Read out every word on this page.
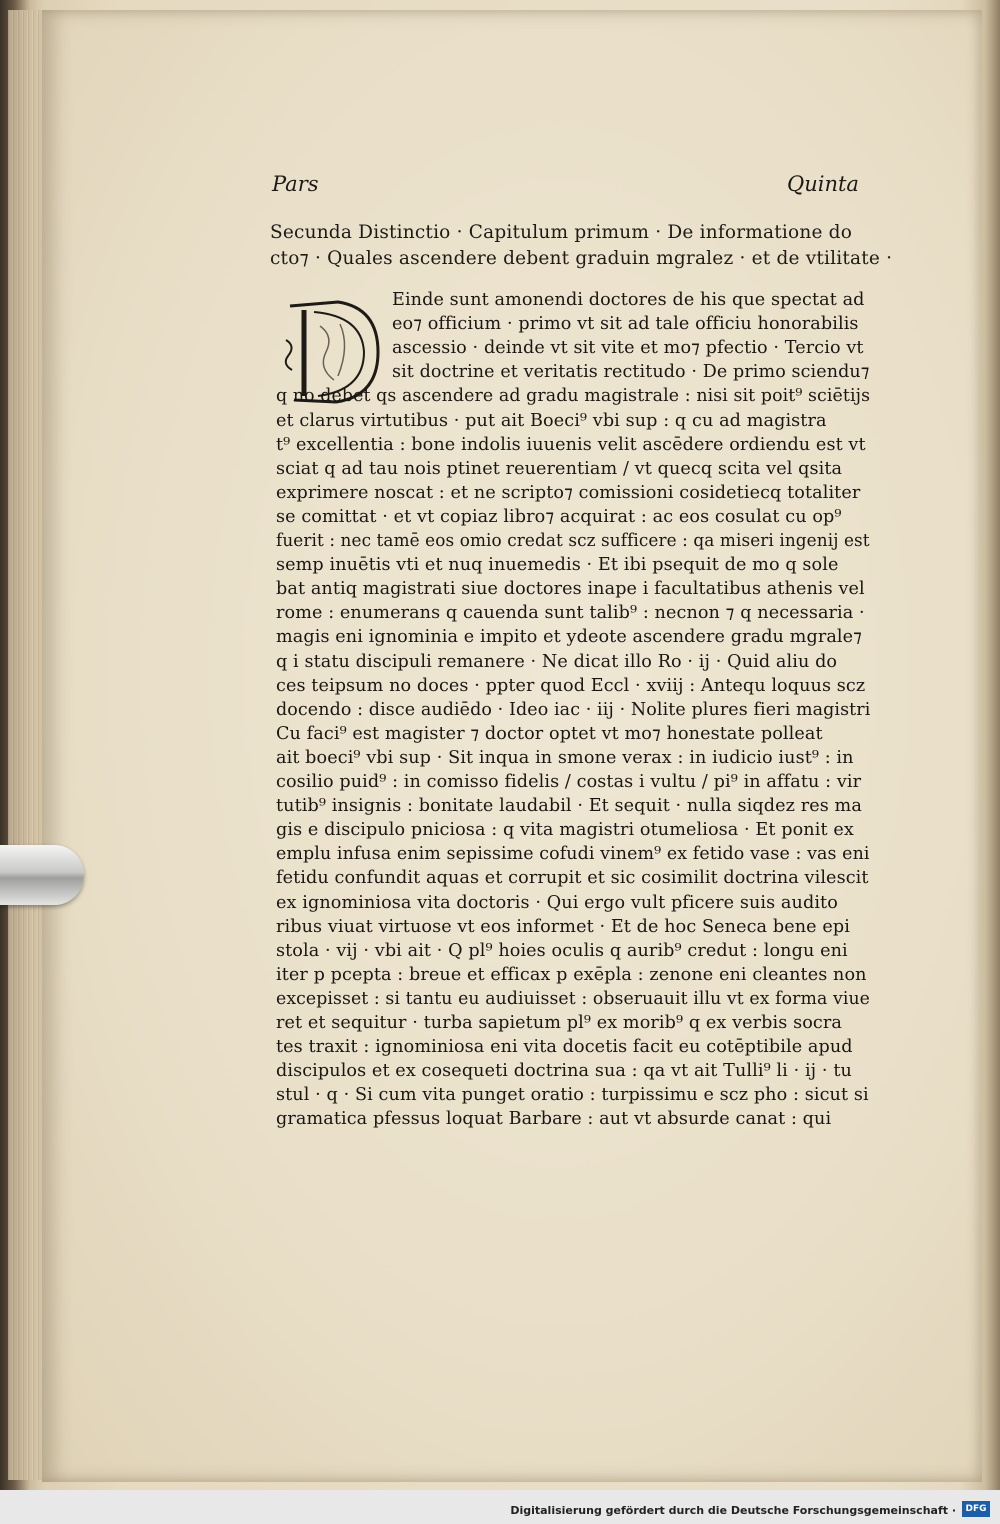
Pars	Quinta
Secunda Distinctio · Capitulum primum · De informatione do
cto⁊ · Quales ascendere debent graduin mgralez · et de vtilitate ·
Einde sunt amonendi doctores de his que spectat ad
eo⁊ officium · primo vt sit ad tale officiu honorabilis
ascessio · deinde vt sit vite et mo⁊ pfectio · Tercio vt
sit doctrine et veritatis rectitudo · De primo sciendu⁊
q no debet qs ascendere ad gradu magistrale : nisi sit poit⁹ sciētijs
et clarus virtutibus · put ait Boeci⁹ vbi sup : q cu ad magistra
t⁹ excellentia : bone indolis iuuenis velit ascēdere ordiendu est vt
sciat q ad tau nois ptinet reuerentiam / vt quecq scita vel qsita
exprimere noscat : et ne scripto⁊ comissioni cosidetiecq totaliter
se comittat · et vt copiaz libro⁊ acquirat : ac eos cosulat cu op⁹
fuerit : nec tamē eos omio credat scz sufficere : qa miseri ingenij est
semp inuētis vti et nuq inuemedis · Et ibi psequit de mo q sole
bat antiq magistrati siue doctores inape i facultatibus athenis vel
rome : enumerans q cauenda sunt talib⁹ : necnon ⁊ q necessaria ·
magis eni ignominia e impito et ydeote ascendere gradu mgrale⁊
q i statu discipuli remanere · Ne dicat illo Ro · ij · Quid aliu do
ces teipsum no doces · ppter quod Eccl · xviij : Antequ loquus scz
docendo : disce audiēdo · Ideo iac · iij · Nolite plures fieri magistri
Cu faci⁹ est magister ⁊ doctor optet vt mo⁊ honestate polleat
ait boeci⁹ vbi sup · Sit inqua in smone verax : in iudicio iust⁹ : in
cosilio puid⁹ : in comisso fidelis / costas i vultu / pi⁹ in affatu : vir
tutib⁹ insignis : bonitate laudabil · Et sequit · nulla siqdez res ma
gis e discipulo pniciosa : q vita magistri otumeliosa · Et ponit ex
emplu infusa enim sepissime cofudi vinem⁹ ex fetido vase : vas eni
fetidu confundit aquas et corrupit et sic cosimilit doctrina vilescit
ex ignominiosa vita doctoris · Qui ergo vult pficere suis audito
ribus viuat virtuose vt eos informet · Et de hoc Seneca bene epi
stola · vij · vbi ait · Q pl⁹ hoies oculis q aurib⁹ credut : longu eni
iter p pcepta : breue et efficax p exēpla : zenone eni cleantes non
excepisset : si tantu eu audiuisset : obseruauit illu vt ex forma viue
ret et sequitur · turba sapietum pl⁹ ex morib⁹ q ex verbis socra
tes traxit : ignominiosa eni vita docetis facit eu cotēptibile apud
discipulos et ex cosequeti doctrina sua : qa vt ait Tulli⁹ li · ij · tu
stul · q · Si cum vita punget oratio : turpissimu e scz pho : sicut si
gramatica pfessus loquat Barbare : aut vt absurde canat : qui
Digitalisierung gefördert durch die Deutsche Forschungsgemeinschaft ·	DFG
